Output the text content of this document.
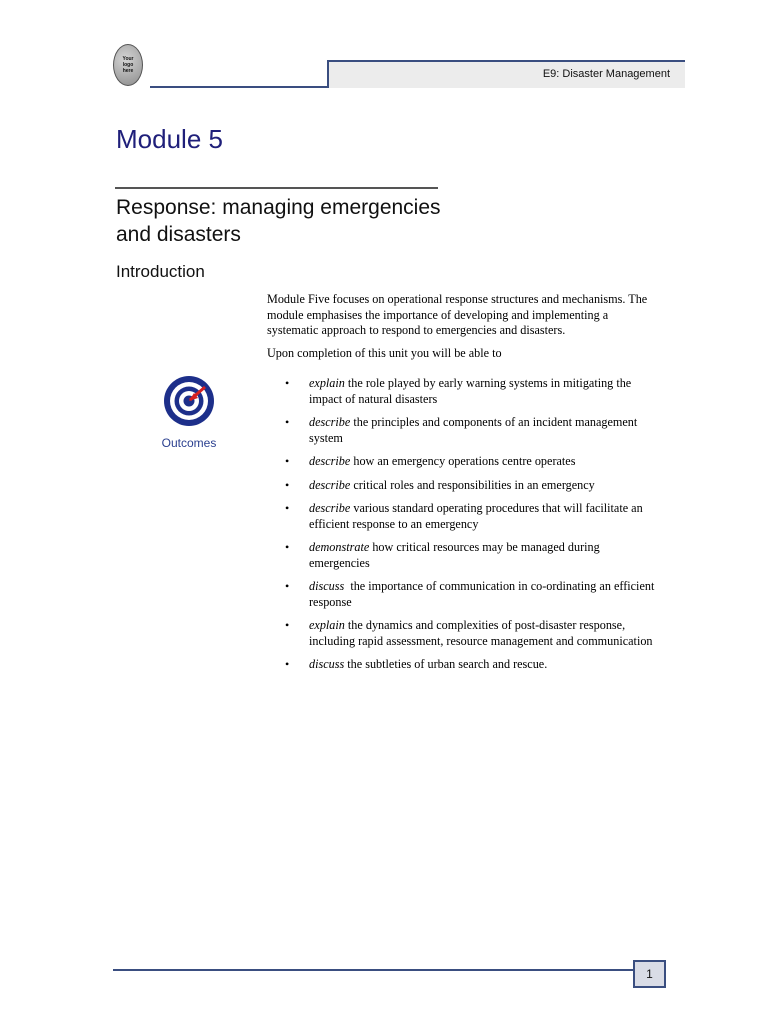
Your logo here	E9: Disaster Management
Module 5
Response: managing emergencies and disasters
Introduction

Module Five focuses on operational response structures and mechanisms. The module emphasises the importance of developing and implementing a systematic approach to respond to emergencies and disasters.

Upon completion of this unit you will be able to

Outcomes
• explain the role played by early warning systems in mitigating the impact of natural disasters
• describe the principles and components of an incident management system
• describe how an emergency operations centre operates
• describe critical roles and responsibilities in an emergency
• describe various standard operating procedures that will facilitate an efficient response to an emergency
• demonstrate how critical resources may be managed during emergencies
• discuss  the importance of communication in co-ordinating an efficient response
• explain the dynamics and complexities of post-disaster response, including rapid assessment, resource management and communication
• discuss the subtleties of urban search and rescue.
1
